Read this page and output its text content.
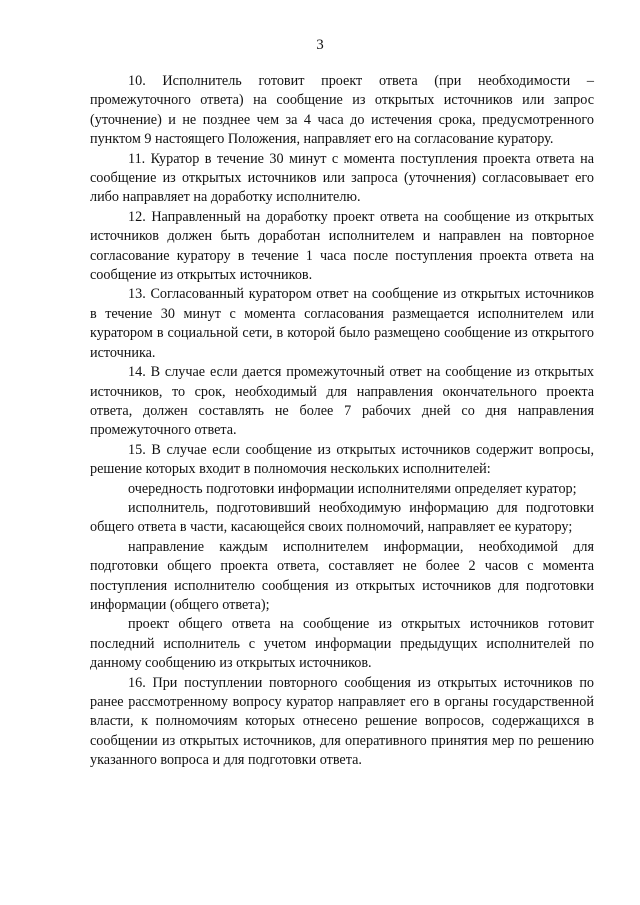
3

10. Исполнитель готовит проект ответа (при необходимости – промежуточного ответа) на сообщение из открытых источников или запрос (уточнение) и не позднее чем за 4 часа до истечения срока, предусмотренного пунктом 9 настоящего Положения, направляет его на согласование куратору.

11. Куратор в течение 30 минут с момента поступления проекта ответа на сообщение из открытых источников или запроса (уточнения) согласовывает его либо направляет на доработку исполнителю.

12. Направленный на доработку проект ответа на сообщение из открытых источников должен быть доработан исполнителем и направлен на повторное согласование куратору в течение 1 часа после поступления проекта ответа на сообщение из открытых источников.

13. Согласованный куратором ответ на сообщение из открытых источников в течение 30 минут с момента согласования размещается исполнителем или куратором в социальной сети, в которой было размещено сообщение из открытого источника.

14. В случае если дается промежуточный ответ на сообщение из открытых источников, то срок, необходимый для направления окончательного проекта ответа, должен составлять не более 7 рабочих дней со дня направления промежуточного ответа.

15. В случае если сообщение из открытых источников содержит вопросы, решение которых входит в полномочия нескольких исполнителей:

очередность подготовки информации исполнителями определяет куратор;

исполнитель, подготовивший необходимую информацию для подготовки общего ответа в части, касающейся своих полномочий, направляет ее куратору;

направление каждым исполнителем информации, необходимой для подготовки общего проекта ответа, составляет не более 2 часов с момента поступления исполнителю сообщения из открытых источников для подготовки информации (общего ответа);

проект общего ответа на сообщение из открытых источников готовит последний исполнитель с учетом информации предыдущих исполнителей по данному сообщению из открытых источников.

16. При поступлении повторного сообщения из открытых источников по ранее рассмотренному вопросу куратор направляет его в органы государственной власти, к полномочиям которых отнесено решение вопросов, содержащихся в сообщении из открытых источников, для оперативного принятия мер по решению указанного вопроса и для подготовки ответа.
